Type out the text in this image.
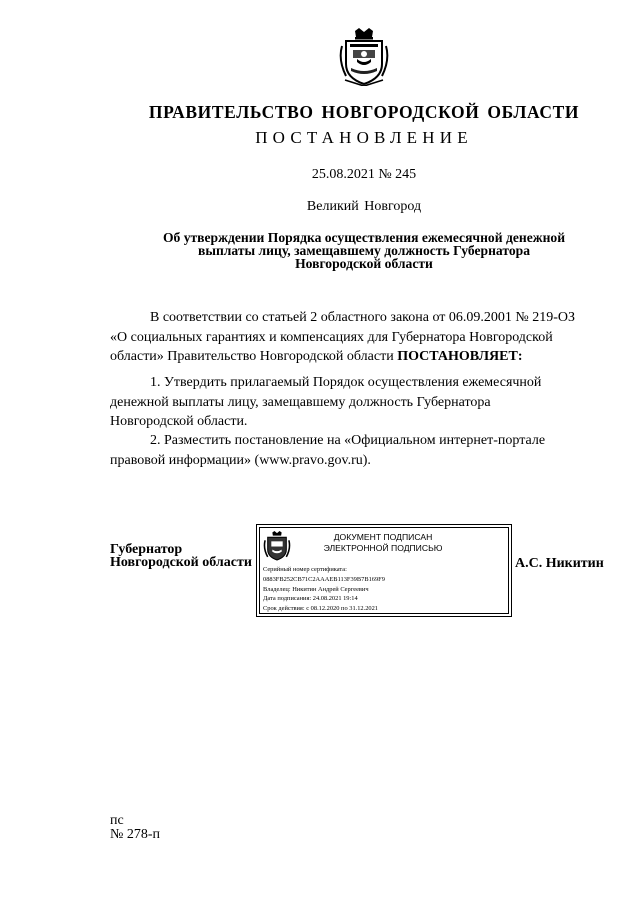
ПРАВИТЕЛЬСТВО НОВГОРОДСКОЙ ОБЛАСТИ
ПОСТАНОВЛЕНИЕ
25.08.2021 № 245
Великий Новгород
Об утверждении Порядка осуществления ежемесячной денежной
выплаты лицу, замещавшему должность Губернатора
Новгородской области
В соответствии со статьей 2 областного закона от 06.09.2001 № 219-ОЗ
«О социальных гарантиях и компенсациях для Губернатора Новгородской
области» Правительство Новгородской области ПОСТАНОВЛЯЕТ:
1. Утвердить прилагаемый Порядок осуществления ежемесячной
денежной выплаты лицу, замещавшему должность Губернатора
Новгородской области.
2. Разместить постановление на «Официальном интернет-портале
правовой информации» (www.pravo.gov.ru).
Губернатор
Новгородской области
ДОКУМЕНТ ПОДПИСАН
ЭЛЕКТРОННОЙ ПОДПИСЬЮ
Серийный номер сертификата:
0883FB252CB71C2AAAEB113F39B7B169F9
Владелец: Никитин Андрей Сергеевич
Дата подписания: 24.08.2021 19:14
Срок действия: с 08.12.2020 по 31.12.2021
А.С. Никитин
пс
№ 278-п
